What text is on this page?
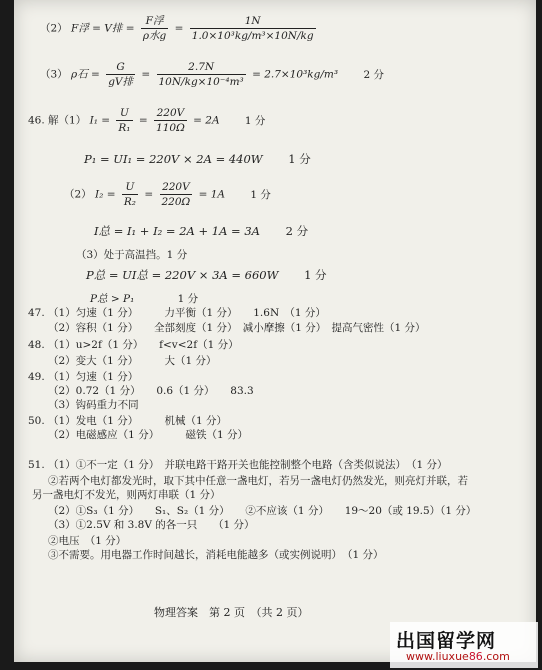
（2） F浮 = V排 = $\frac{\text{F浮}}{\text{ρ水g}} = \frac{1N}{\text{1.0×10³kg/m³×10N/kg}}$
（3） ρ石 = $\frac{G}{\text{gV排}} = \frac{2.7N}{\text{10N/kg×10⁻⁴m³}} = 2.7\times 10^3kg/m^3$ 2 分
46. 解（1） $I_1 = \frac{U}{\text{R₁}} = \frac{220V}{110\Omega} = 2A$ 1 分
P₁ = UI₁ = 220V × 2A = 440W 1 分
（2） $I_2 = \frac{U}{\text{R₂}} = \frac{220V}{220\Omega} = 1A$ 1 分
I总 = I₁ + I₂ = 2A + 1A = 3A 2 分
（3）处于高温挡。1 分
P总 = UI总 = 220V × 3A = 660W 1 分
P总 > P₁	1 分
47. （1）匀速（1 分）　　　力平衡（1 分）　　1.6N　（1 分）
（2）容积（1 分）　　全部刻度（1 分）　减小摩擦（1 分）　提高气密性（1 分）
48. （1）u>2f（1 分）　　f<v<2f（1 分）
（2）变大（1 分）　　　大（1 分）
49. （1）匀速（1 分）
（2）0.72（1 分）　　0.6（1 分）　　83.3
（3）钩码重力不同
50. （1）发电（1 分）　　　机械（1 分）
（2）电磁感应（1 分）　　　磁铁（1 分）
51. （1）①不一定（1 分）　并联电路干路开关也能控制整个电路（含类似说法）　（1 分）
②若两个电灯都发光时，取下其中任意一盏电灯，若另一盏电灯仍然发光，则亮灯并联，若
另一盏电灯不发光，则两灯串联（1 分）
（2）①S₃（1 分）　　S₁、S₂（1 分）　　②不应该（1 分）　　19～20（或 19.5）（1 分）
（3）①2.5V 和 3.8V 的各一只　　（1 分）
②电压　（1 分）
③不需要。用电器工作时间越长，消耗电能越多（或实例说明）　（1 分）
物理答案　第 2 页　（共 2 页）
出国留学网
www.liuxue86.com
